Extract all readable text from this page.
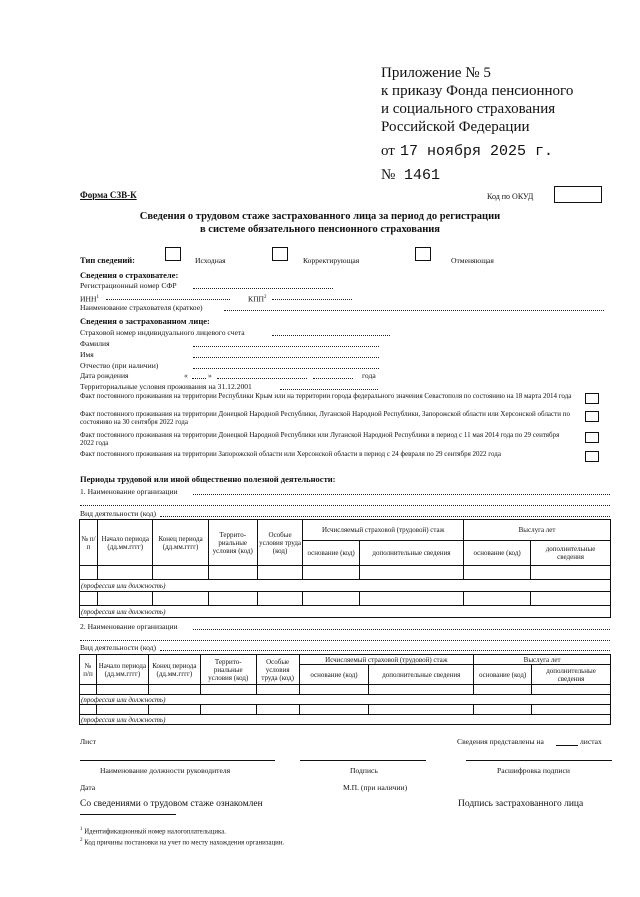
Приложение № 5
к приказу Фонда пенсионного
и социального страхования
Российской Федерации
от 17 ноября 2025 г.
№ 1461
Форма СЗВ-К	Код по ОКУД
Сведения о трудовом стаже застрахованного лица за период до регистрации
в системе обязательного пенсионного страхования
Тип сведений:	Исходная	Корректирующая	Отменяющая
Сведения о страхователе:
Регистрационный номер СФР
ИНН$^1$	КПП$^2$
Наименование страхователя (краткое)
Сведения о застрахованном лице:
Страховой номер индивидуального лицевого счета
Фамилия
Имя
Отчество (при наличии)
Дата рождения	«	»	года
Территориальные условия проживания на 31.12.2001
Факт постоянного проживания на территории Республики Крым или на территории города федерального значения Севастополя по состоянию на 18 марта 2014 года
Факт постоянного проживания на территории Донецкой Народной Республики, Луганской Народной Республики, Запорожской области или Херсонской области по состоянию на 30 сентября 2022 года
Факт постоянного проживания на территории Донецкой Народной Республики или Луганской Народной Республики в период с 11 мая 2014 года по 29 сентября 2022 года
Факт постоянного проживания на территории Запорожской области или Херсонской области в период с 24 февраля по 29 сентября 2022 года
Периоды трудовой или иной общественно полезной деятельности:
1. Наименование организации
Вид деятельности (код)
№ п/п	Начало периода (дд.мм.гггг)	Конец периода (дд.мм.гггг)	Террито-риальные условия (код)	Особые условия труда (код)	Исчисляемый страховой (трудовой) стаж		Выслуга лет	
					основание (код)	дополнительные сведения	основание (код)	дополнительные сведения

(профессия или должность)								

(профессия или должность)								
2. Наименование организации
Вид деятельности (код)
№ п/п	Начало периода (дд.мм.гггг)	Конец периода (дд.мм.гггг)	Террито-риальные условия (код)	Особые условия труда (код)	Исчисляемый страховой (трудовой) стаж		Выслуга лет	
					основание (код)	дополнительные сведения	основание (код)	дополнительные сведения

(профессия или должность)								

(профессия или должность)								
Лист	Сведения представлены на	листах
Наименование должности руководителя	Подпись	Расшифровка подписи
Дата	М.П. (при наличии)
Со сведениями о трудовом стаже ознакомлен	Подпись застрахованного лица
$^1$ Идентификационный номер налогоплательщика.
$^2$ Код причины постановки на учет по месту нахождения организации.
